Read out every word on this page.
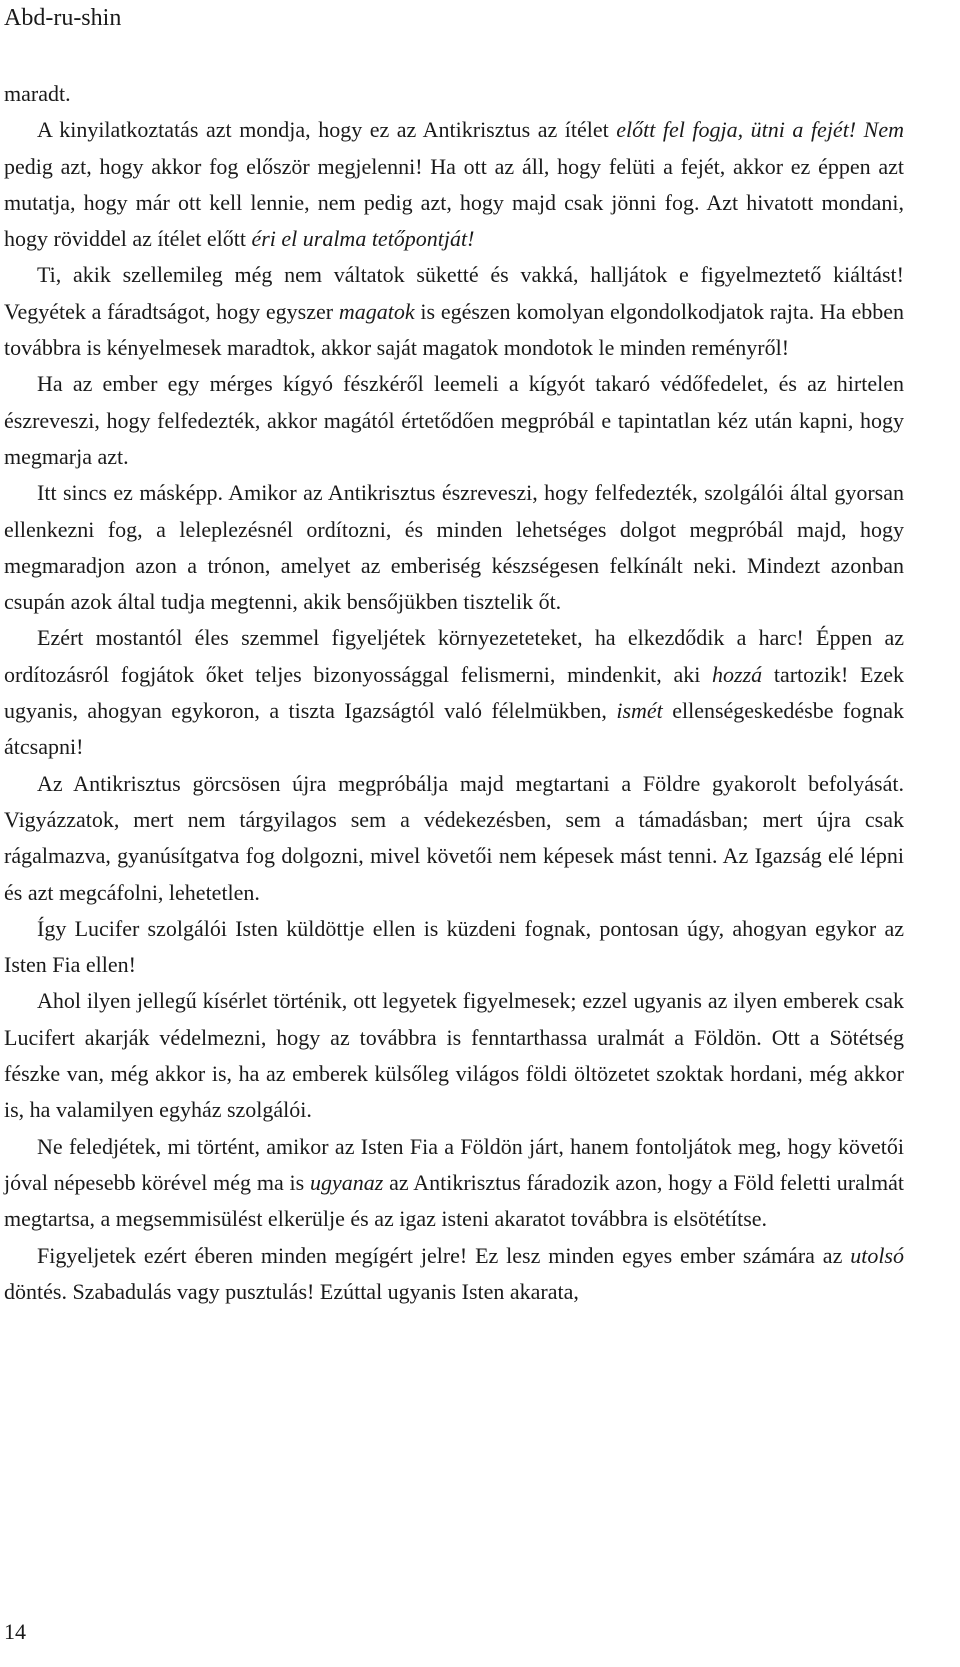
Abd-ru-shin

maradt.

A kinyilatkoztatás azt mondja, hogy ez az Antikrisztus az ítélet előtt fel fogja, ütni a fejét! Nem pedig azt, hogy akkor fog először megjelenni! Ha ott az áll, hogy felüti a fejét, akkor ez éppen azt mutatja, hogy már ott kell lennie, nem pedig azt, hogy majd csak jönni fog. Azt hivatott mondani, hogy röviddel az ítélet előtt éri el uralma tetőpontját!

Ti, akik szellemileg még nem váltatok süketté és vakká, halljátok e figyelmeztető kiáltást! Vegyétek a fáradtságot, hogy egyszer magatok is egészen komolyan elgondolkodjatok rajta. Ha ebben továbbra is kényelmesek maradtok, akkor saját magatok mondotok le minden reményről!

Ha az ember egy mérges kígyó fészkéről leemeli a kígyót takaró védőfedelet, és az hirtelen észreveszi, hogy felfedezték, akkor magától értetődően megpróbál e tapintatlan kéz után kapni, hogy megmarja azt.

Itt sincs ez másképp. Amikor az Antikrisztus észreveszi, hogy felfedezték, szolgálói által gyorsan ellenkezni fog, a leleplezésnél ordítozni, és minden lehetséges dolgot megpróbál majd, hogy megmaradjon azon a trónon, amelyet az emberiség készségesen felkínált neki. Mindezt azonban csupán azok által tudja megtenni, akik bensőjükben tisztelik őt.

Ezért mostantól éles szemmel figyeljétek környezeteteket, ha elkezdődik a harc! Éppen az ordítozásról fogjátok őket teljes bizonyossággal felismerni, mindenkit, aki hozzá tartozik! Ezek ugyanis, ahogyan egykoron, a tiszta Igazságtól való félelmükben, ismét ellenségeskedésbe fognak átcsapni!

Az Antikrisztus görcsösen újra megpróbálja majd megtartani a Földre gyakorolt befolyását. Vigyázzatok, mert nem tárgyilagos sem a védekezésben, sem a támadásban; mert újra csak rágalmazva, gyanúsítgatva fog dolgozni, mivel követői nem képesek mást tenni. Az Igazság elé lépni és azt megcáfolni, lehetetlen.

Így Lucifer szolgálói Isten küldöttje ellen is küzdeni fognak, pontosan úgy, ahogyan egykor az Isten Fia ellen!

Ahol ilyen jellegű kísérlet történik, ott legyetek figyelmesek; ezzel ugyanis az ilyen emberek csak Lucifert akarják védelmezni, hogy az továbbra is fenntarthassa uralmát a Földön. Ott a Sötétség fészke van, még akkor is, ha az emberek külsőleg világos földi öltözetet szoktak hordani, még akkor is, ha valamilyen egyház szolgálói.

Ne feledjétek, mi történt, amikor az Isten Fia a Földön járt, hanem fontoljátok meg, hogy követői jóval népesebb körével még ma is ugyanaz az Antikrisztus fáradozik azon, hogy a Föld feletti uralmát megtartsa, a megsemmisülést elkerülje és az igaz isteni akaratot továbbra is elsötétítse.

Figyeljetek ezért éberen minden megígért jelre! Ez lesz minden egyes ember számára az utolsó döntés. Szabadulás vagy pusztulás! Ezúttal ugyanis Isten akarata,

14
